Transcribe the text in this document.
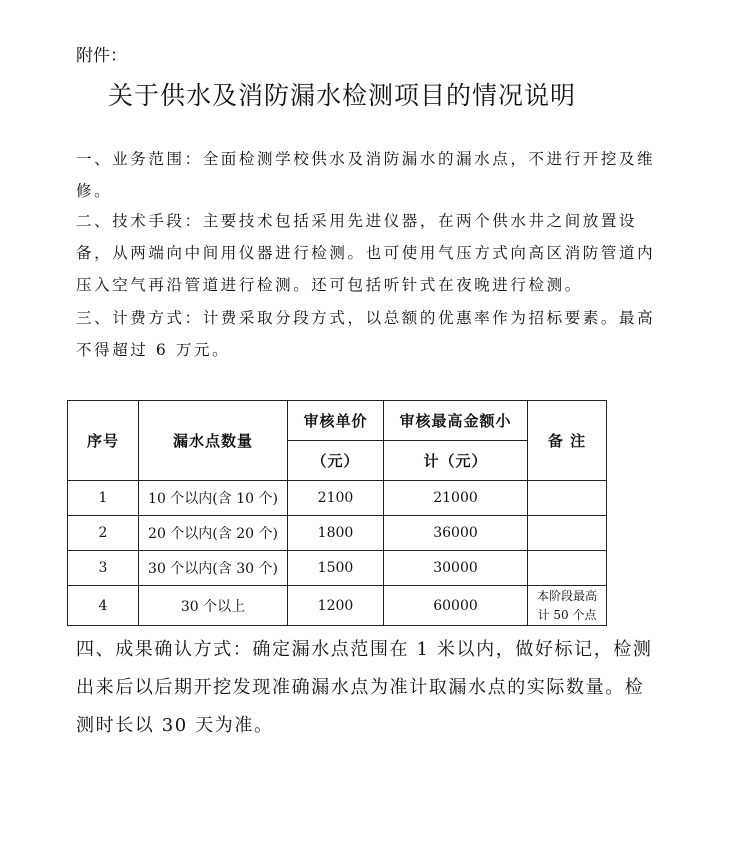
附件：
关于供水及消防漏水检测项目的情况说明
一、业务范围：全面检测学校供水及消防漏水的漏水点，不进行开挖及维修。
二、技术手段：主要技术包括采用先进仪器，在两个供水井之间放置设备，从两端向中间用仪器进行检测。也可使用气压方式向高区消防管道内压入空气再沿管道进行检测。还可包括听针式在夜晚进行检测。
三、计费方式：计费采取分段方式，以总额的优惠率作为招标要素。最高不得超过 6 万元。
序号	漏水点数量	审核单价	审核最高金额小	备 注
		（元）	计（元）	
1	10 个以内(含 10 个)	2100	21000	
2	20 个以内(含 20 个)	1800	36000	
3	30 个以内(含 30 个)	1500	30000	
4	30 个以上	1200	60000	本阶段最高
计 50 个点
四、成果确认方式：确定漏水点范围在 1 米以内，做好标记，检测出来后以后期开挖发现准确漏水点为准计取漏水点的实际数量。检测时长以 30 天为准。
